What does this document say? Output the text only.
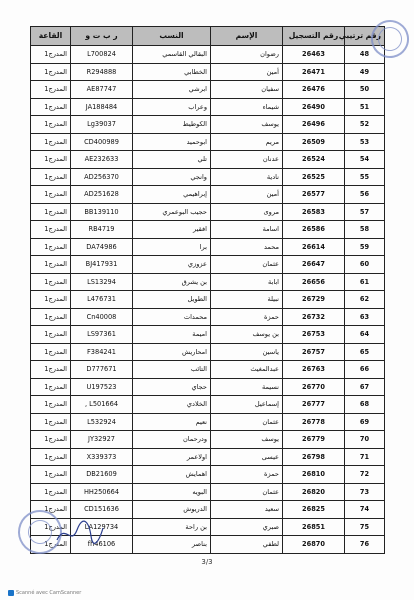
رقم ترتيبي	رقم التسجيل	الإسم	النسب	ر ب ت و	القاعة
48	26463	رضوان	البقالي القاسمي	L700824	المدرج1
49	26471	أمين	الخطابي	R294888	المدرج1
50	26476	سفيان	ابرشي	AE87747	المدرج1
51	26490	شيماء	وعراب	JA188484	المدرج1
52	26496	يوسف	الكوطيط	Lg39037	المدرج1
53	26509	مريم	ابوحميد	CD400989	المدرج1
54	26524	عدنان	تلي	AE232633	المدرج1
55	26525	نادية	وانجي	AD256370	المدرج1
56	26577	أمين	إبراهيمي	AD251628	المدرج1
57	26583	مروى	حجيب البوعمري	BB139110	المدرج1
58	26586	اسامة	افقير	RB4719	المدرج1
59	26614	محمد	برا	DA74986	المدرج1
60	26647	عثمان	عزوزي	BJ417931	المدرج1
61	26656	ابابة	بن يشرق	LS13294	المدرج1
62	26729	نبيلة	الطويل	L476731	المدرج1
63	26732	حمزة	محمدات	Cn40008	المدرج1
64	26753	بن يوسف	اميمة	LS97361	المدرج1
65	26757	ياسين	امحاريش	F384241	المدرج1
66	26763	عبدالمغيث	التائب	D777671	المدرج1
67	26770	نسيمة	حجاي	U197523	المدرج1
68	26777	إسماعيل	الخلادي	L501664 ,	المدرج1
69	26778	عثمان	نعيم	L532924	المدرج1
70	26779	يوسف	ودرحمان	JY32927	المدرج1
71	26798	عيسى	اولاعمر	X339373	المدرج1
72	26810	حمزة	اهمايش	DB21609	المدرج1
73	26820	عثمان	البويه	HH250664	المدرج1
74	26825	سعيد	الدريوش	CD151636	المدرج1
75	26851	صبري	بن راحة	LA129734	المدرج1
76	26870	لطفي	بناصر	fh46106	المدرج1
3/3
Scanné avec CamScanner
